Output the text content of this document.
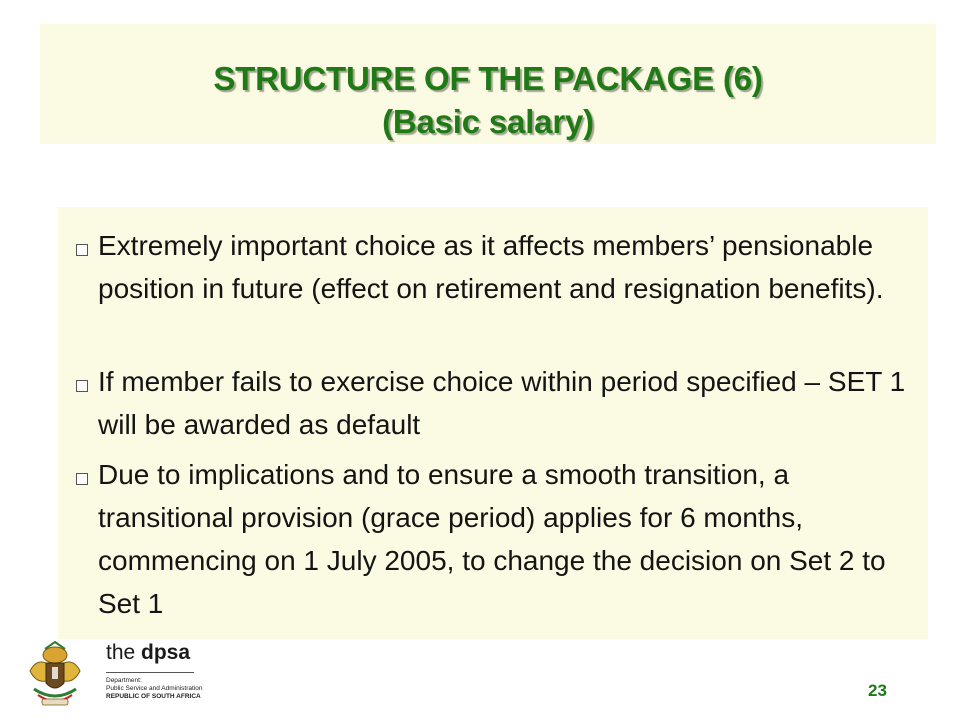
STRUCTURE OF THE PACKAGE (6)
(Basic salary)
Extremely important choice as it affects members’ pensionable position in future (effect on retirement and resignation benefits).
If member fails to exercise choice within period specified – SET 1 will be awarded as default
Due to implications and to ensure a smooth transition, a transitional provision (grace period) applies for 6 months, commencing on 1 July 2005, to change the decision on Set 2 to Set 1
the dpsa
Department:
Public Service and Administration
REPUBLIC OF SOUTH AFRICA	23
